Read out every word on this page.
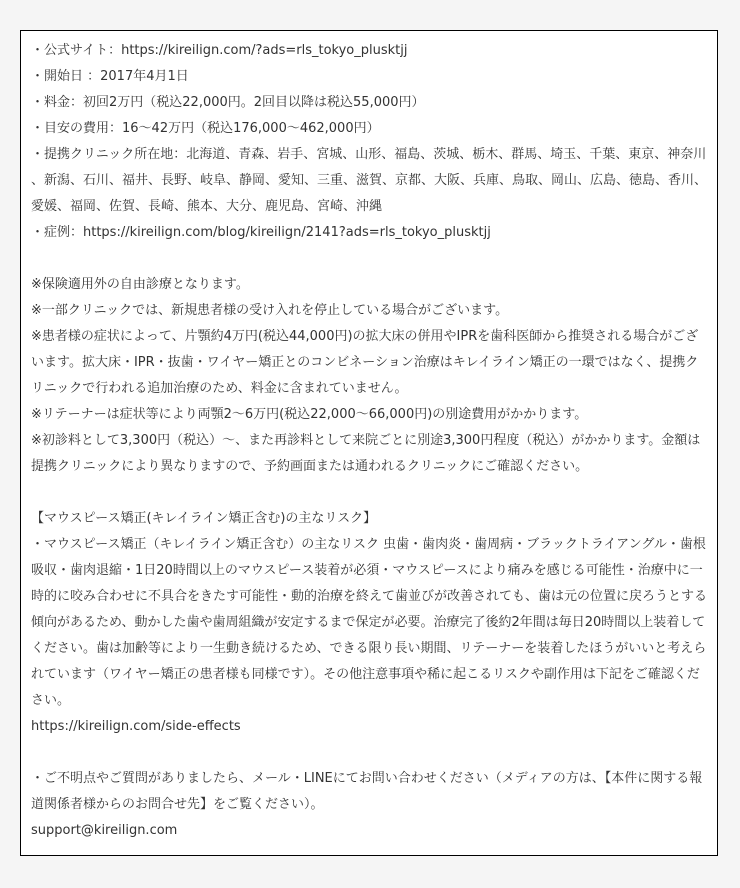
・公式サイト：https://kireilign.com/?ads=rls_tokyo_plusktjj
・開始日 ：2017年4月1日
・料金：初回2万円（税込22,000円。2回目以降は税込55,000円）
・目安の費用：16〜42万円（税込176,000〜462,000円）
・提携クリニック所在地：北海道、青森、岩手、宮城、山形、福島、茨城、栃木、群馬、埼玉、千葉、東京、神奈川、新潟、石川、福井、長野、岐阜、静岡、愛知、三重、滋賀、京都、大阪、兵庫、鳥取、岡山、広島、徳島、香川、愛媛、福岡、佐賀、長崎、熊本、大分、鹿児島、宮崎、沖縄
・症例：https://kireilign.com/blog/kireilign/2141?ads=rls_tokyo_plusktjj
※保険適用外の自由診療となります。
※一部クリニックでは、新規患者様の受け入れを停止している場合がございます。
※患者様の症状によって、片顎約4万円(税込44,000円)の拡大床の併用やIPRを歯科医師から推奨される場合がございます。拡大床・IPR・抜歯・ワイヤー矯正とのコンビネーション治療はキレイライン矯正の一環ではなく、提携クリニックで行われる追加治療のため、料金に含まれていません。
※リテーナーは症状等により両顎2〜6万円(税込22,000〜66,000円)の別途費用がかかります。
※初診料として3,300円（税込）〜、また再診料として来院ごとに別途3,300円程度（税込）がかかります。金額は提携クリニックにより異なりますので、予約画面または通われるクリニックにご確認ください。
【マウスピース矯正(キレイライン矯正含む)の主なリスク】
・マウスピース矯正（キレイライン矯正含む）の主なリスク 虫歯・歯肉炎・歯周病・ブラックトライアングル・歯根吸収・歯肉退縮・1日20時間以上のマウスピース装着が必須・マウスピースにより痛みを感じる可能性・治療中に一時的に咬み合わせに不具合をきたす可能性・動的治療を終えて歯並びが改善されても、歯は元の位置に戻ろうとする傾向があるため、動かした歯や歯周組織が安定するまで保定が必要。治療完了後約2年間は毎日20時間以上装着してください。歯は加齢等により一生動き続けるため、できる限り長い期間、リテーナーを装着したほうがいいと考えられています（ワイヤー矯正の患者様も同様です）。その他注意事項や稀に起こるリスクや副作用は下記をご確認ください。
https://kireilign.com/side-effects
・ご不明点やご質問がありましたら、メール・LINEにてお問い合わせください（メディアの方は、【本件に関する報道関係者様からのお問合せ先】をご覧ください）。
support@kireilign.com
